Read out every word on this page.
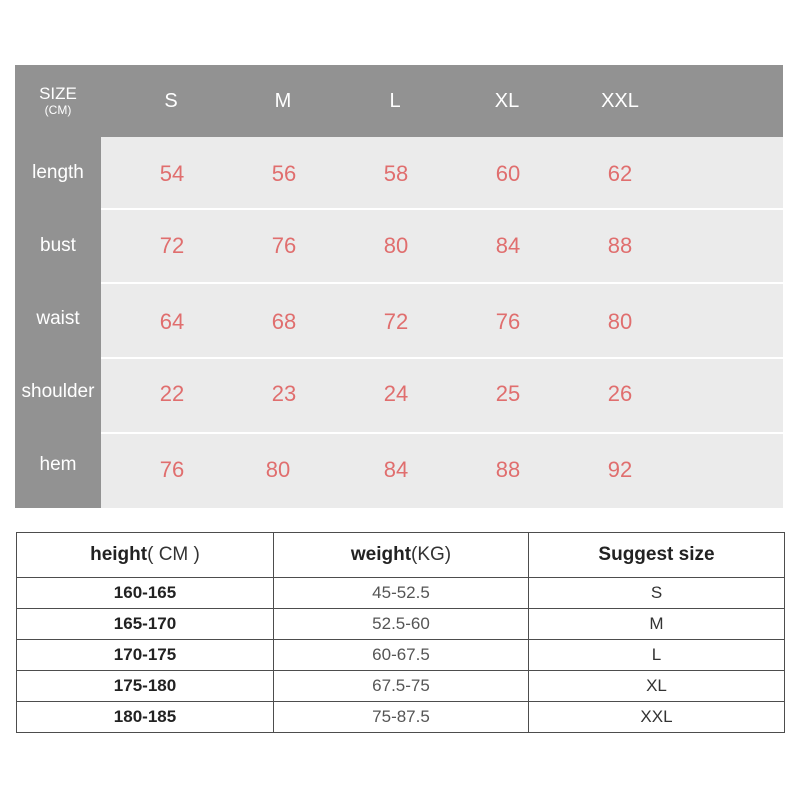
SIZE
(CM)	S	M	L	XL	XXL
length	54	56	58	60	62
bust	72	76	80	84	88
waist	64	68	72	76	80
shoulder	22	23	24	25	26
hem	76	80	84	88	92
height( CM )	weight(KG)	Suggest size
160-165	45-52.5	S
165-170	52.5-60	M
170-175	60-67.5	L
175-180	67.5-75	XL
180-185	75-87.5	XXL
